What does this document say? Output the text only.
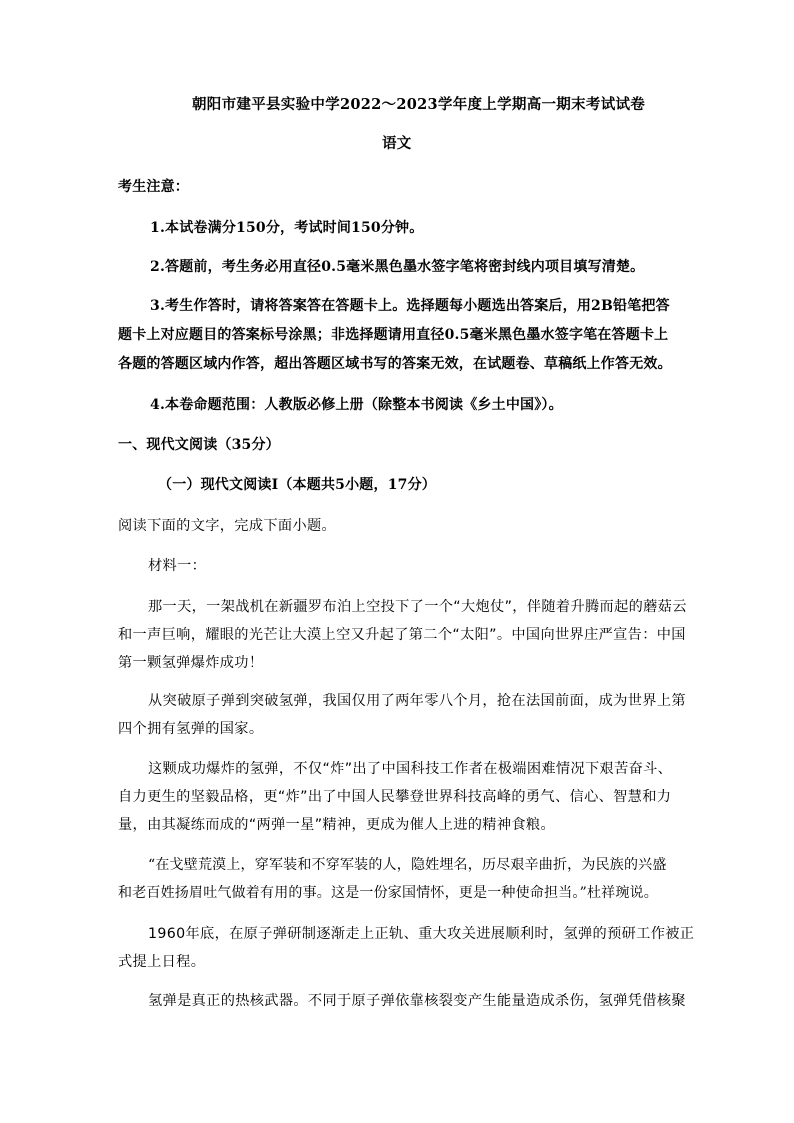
朝阳市建平县实验中学2022～2023学年度上学期高一期末考试试卷
语文
考生注意：
1.本试卷满分150分，考试时间150分钟。
2.答题前，考生务必用直径0.5毫米黑色墨水签字笔将密封线内项目填写清楚。
3.考生作答时，请将答案答在答题卡上。选择题每小题选出答案后，用2B铅笔把答
题卡上对应题目的答案标号涂黑；非选择题请用直径0.5毫米黑色墨水签字笔在答题卡上
各题的答题区域内作答，超出答题区域书写的答案无效，在试题卷、草稿纸上作答无效。
4.本卷命题范围：人教版必修上册（除整本书阅读《乡土中国》）。
一、现代文阅读（35分）
（一）现代文阅读Ⅰ（本题共5小题，17分）
阅读下面的文字，完成下面小题。
材料一：
那一天，一架战机在新疆罗布泊上空投下了一个“大炮仗”，伴随着升腾而起的蘑菇云
和一声巨响，耀眼的光芒让大漠上空又升起了第二个“太阳”。中国向世界庄严宣告：中国
第一颗氢弹爆炸成功！
从突破原子弹到突破氢弹，我国仅用了两年零八个月，抢在法国前面，成为世界上第
四个拥有氢弹的国家。
这颗成功爆炸的氢弹，不仅“炸”出了中国科技工作者在极端困难情况下艰苦奋斗、
自力更生的坚毅品格，更“炸”出了中国人民攀登世界科技高峰的勇气、信心、智慧和力
量，由其凝练而成的“两弹一星”精神，更成为催人上进的精神食粮。
“在戈壁荒漠上，穿军装和不穿军装的人，隐姓埋名，历尽艰辛曲折，为民族的兴盛
和老百姓扬眉吐气做着有用的事。这是一份家国情怀，更是一种使命担当。”杜祥琬说。
1960年底，在原子弹研制逐渐走上正轨、重大攻关进展顺利时，氢弹的预研工作被正
式提上日程。
氢弹是真正的热核武器。不同于原子弹依靠核裂变产生能量造成杀伤，氢弹凭借核聚
